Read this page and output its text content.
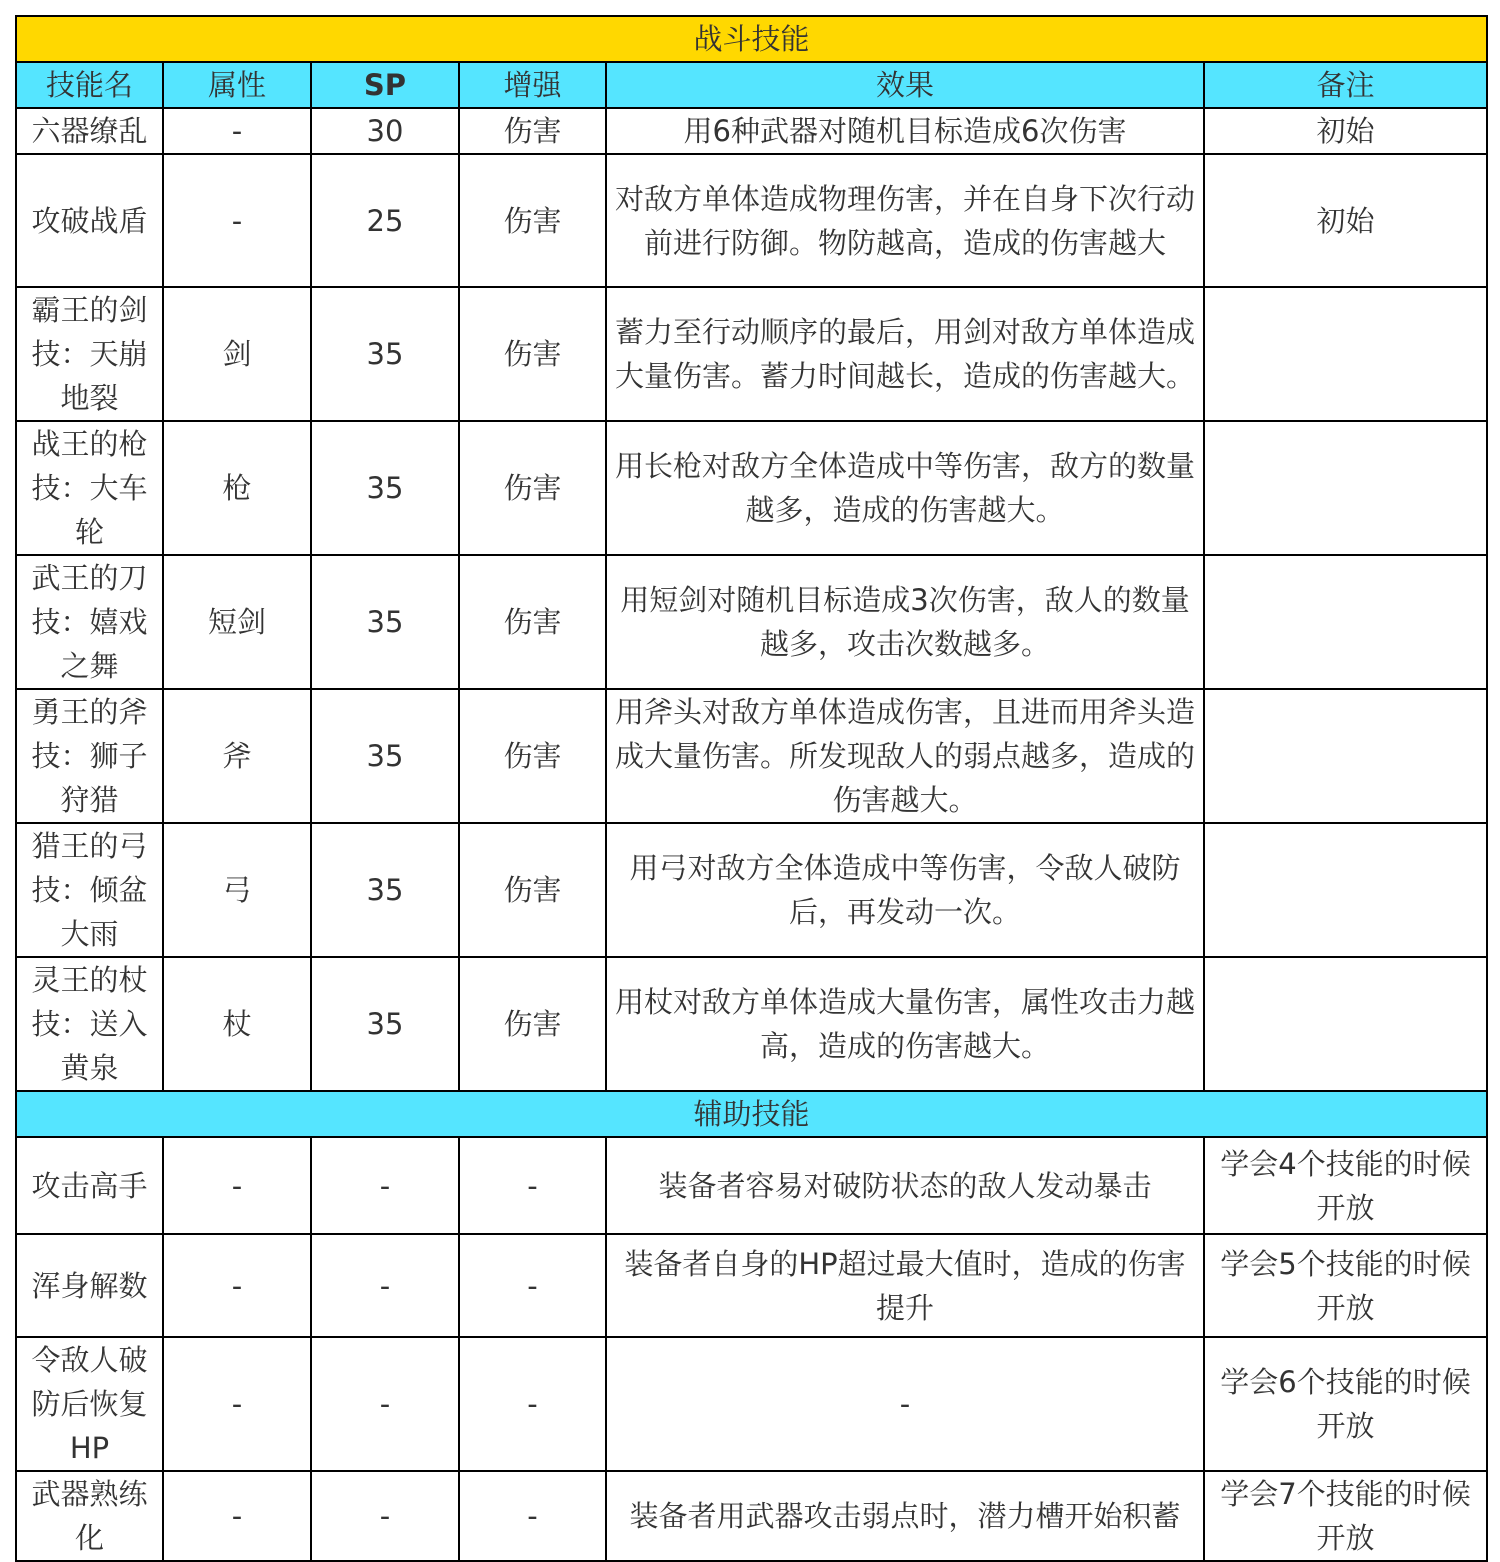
战斗技能					
技能名	属性	SP	增强	效果	备注
六器缭乱	-	30	伤害	用6种武器对随机目标造成6次伤害	初始
攻破战盾	-	25	伤害	对敌方单体造成物理伤害，并在自身下次行动前进行防御。物防越高，造成的伤害越大	初始
霸王的剑技：天崩地裂	剑	35	伤害	蓄力至行动顺序的最后，用剑对敌方单体造成大量伤害。蓄力时间越长，造成的伤害越大。	
战王的枪技：大车轮	枪	35	伤害	用长枪对敌方全体造成中等伤害，敌方的数量越多，造成的伤害越大。	
武王的刀技：嬉戏之舞	短剑	35	伤害	用短剑对随机目标造成3次伤害，敌人的数量越多，攻击次数越多。	
勇王的斧技：狮子狩猎	斧	35	伤害	用斧头对敌方单体造成伤害，且进而用斧头造成大量伤害。所发现敌人的弱点越多，造成的伤害越大。	
猎王的弓技：倾盆大雨	弓	35	伤害	用弓对敌方全体造成中等伤害，令敌人破防后，再发动一次。	
灵王的杖技：送入黄泉	杖	35	伤害	用杖对敌方单体造成大量伤害，属性攻击力越高，造成的伤害越大。	
辅助技能					
攻击高手	-	-	-	装备者容易对破防状态的敌人发动暴击	学会4个技能的时候开放
浑身解数	-	-	-	装备者自身的HP超过最大值时，造成的伤害提升	学会5个技能的时候开放
令敌人破防后恢复HP	-	-	-	-	学会6个技能的时候开放
武器熟练化	-	-	-	装备者用武器攻击弱点时，潜力槽开始积蓄	学会7个技能的时候开放
